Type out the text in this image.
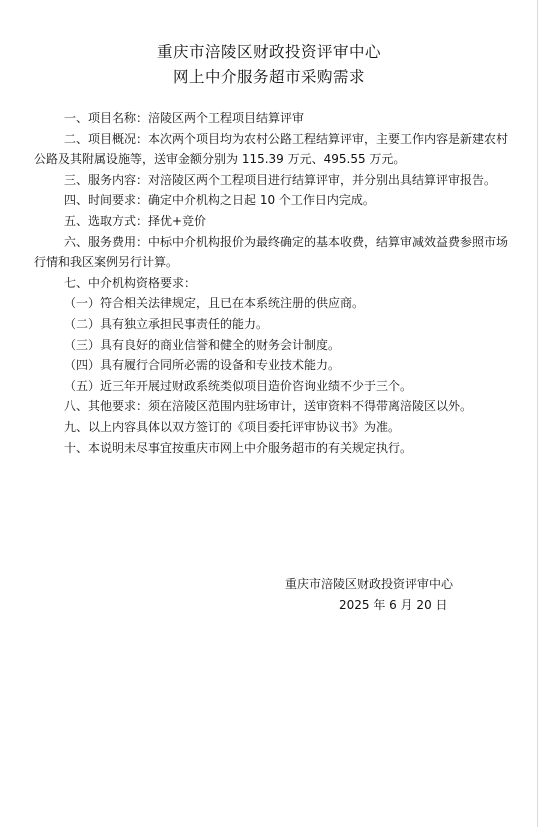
重庆市涪陵区财政投资评审中心
网上中介服务超市采购需求

一、项目名称：涪陵区两个工程项目结算评审

二、项目概况：本次两个项目均为农村公路工程结算评审，主要工作内容是新建农村公路及其附属设施等，送审金额分别为 115.39 万元、495.55 万元。

三、服务内容：对涪陵区两个工程项目进行结算评审，并分别出具结算评审报告。

四、时间要求：确定中介机构之日起 10 个工作日内完成。

五、选取方式：择优+竞价

六、服务费用：中标中介机构报价为最终确定的基本收费，结算审减效益费参照市场行情和我区案例另行计算。

七、中介机构资格要求：

（一）符合相关法律规定，且已在本系统注册的供应商。

（二）具有独立承担民事责任的能力。

（三）具有良好的商业信誉和健全的财务会计制度。

（四）具有履行合同所必需的设备和专业技术能力。

（五）近三年开展过财政系统类似项目造价咨询业绩不少于三个。

八、其他要求：须在涪陵区范围内驻场审计，送审资料不得带离涪陵区以外。

九、以上内容具体以双方签订的《项目委托评审协议书》为准。

十、本说明未尽事宜按重庆市网上中介服务超市的有关规定执行。

重庆市涪陵区财政投资评审中心
2025 年 6 月 20 日
